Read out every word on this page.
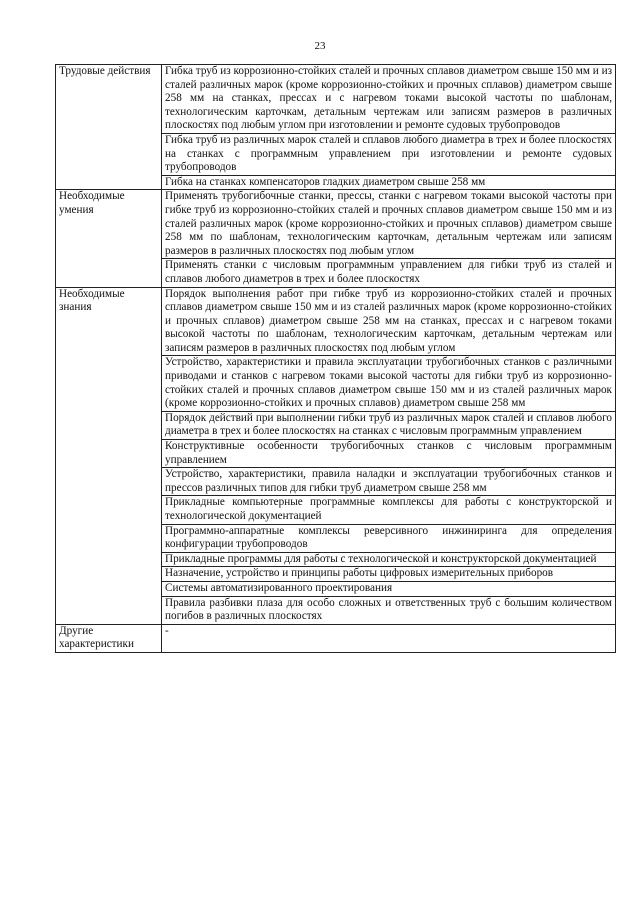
23
Трудовые действия	Гибка труб из коррозионно-стойких сталей и прочных сплавов диаметром свыше 150 мм и из сталей различных марок (кроме коррозионно-стойких и прочных сплавов) диаметром свыше 258 мм на станках, прессах и с нагревом токами высокой частоты по шаблонам, технологическим карточкам, детальным чертежам или записям размеров в различных плоскостях под любым углом при изготовлении и ремонте судовых трубопроводов
	Гибка труб из различных марок сталей и сплавов любого диаметра в трех и более плоскостях на станках с программным управлением при изготовлении и ремонте судовых трубопроводов
	Гибка на станках компенсаторов гладких диаметром свыше 258 мм

Необходимые умения	Применять трубогибочные станки, прессы, станки с нагревом токами высокой частоты при гибке труб из коррозионно-стойких сталей и прочных сплавов диаметром свыше 150 мм и из сталей различных марок (кроме коррозионно-стойких и прочных сплавов) диаметром свыше 258 мм по шаблонам, технологическим карточкам, детальным чертежам или записям размеров в различных плоскостях под любым углом
	Применять станки с числовым программным управлением для гибки труб из сталей и сплавов любого диаметров в трех и более плоскостях

Необходимые знания	Порядок выполнения работ при гибке труб из коррозионно-стойких сталей и прочных сплавов диаметром свыше 150 мм и из сталей различных марок (кроме коррозионно-стойких и прочных сплавов) диаметром свыше 258 мм на станках, прессах и с нагревом токами высокой частоты по шаблонам, технологическим карточкам, детальным чертежам или записям размеров в различных плоскостях под любым углом
	Устройство, характеристики и правила эксплуатации трубогибочных станков с различными приводами и станков с нагревом токами высокой частоты для гибки труб из коррозионно-стойких сталей и прочных сплавов диаметром свыше 150 мм и из сталей различных марок (кроме коррозионно-стойких и прочных сплавов) диаметром свыше 258 мм
	Порядок действий при выполнении гибки труб из различных марок сталей и сплавов любого диаметра в трех и более плоскостях на станках с числовым программным управлением
	Конструктивные особенности трубогибочных станков с числовым программным управлением
	Устройство, характеристики, правила наладки и эксплуатации трубогибочных станков и прессов различных типов для гибки труб диаметром свыше 258 мм
	Прикладные компьютерные программные комплексы для работы с конструкторской и технологической документацией
	Программно-аппаратные комплексы реверсивного инжиниринга для определения конфигурации трубопроводов
	Прикладные программы для работы с технологической и конструкторской документацией
	Назначение, устройство и принципы работы цифровых измерительных приборов
	Системы автоматизированного проектирования
	Правила разбивки плаза для особо сложных и ответственных труб с большим количеством погибов в различных плоскостях

Другие характеристики	-
